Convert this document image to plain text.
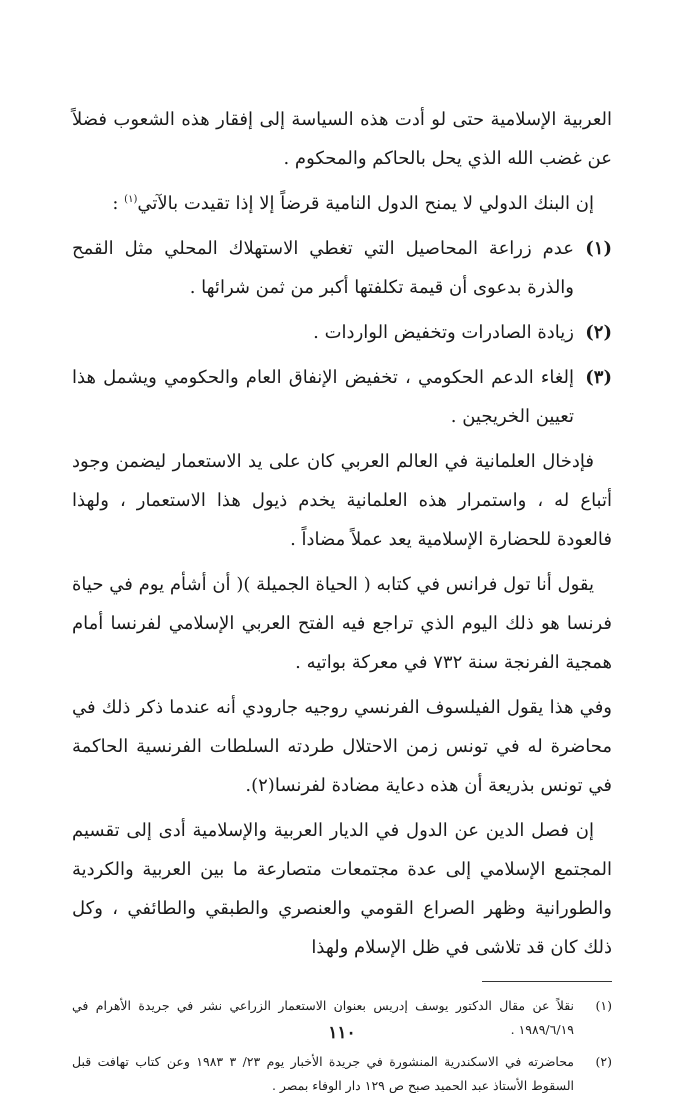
العربية الإسلامية حتى لو أدت هذه السياسة إلى إفقار هذه الشعوب فضلاً عن غضب الله الذي يحل بالحاكم والمحكوم .

إن البنك الدولي لا يمنح الدول النامية قرضاً إلا إذا تقيدت بالآتي$^{(١)}$ :

(١)
عدم زراعة المحاصيل التي تغطي الاستهلاك المحلي مثل القمح والذرة بدعوى أن قيمة تكلفتها أكبر من ثمن شرائها .
(٢)
زيادة الصادرات وتخفيض الواردات .
(٣)
إلغاء الدعم الحكومي ، تخفيض الإنفاق العام والحكومي ويشمل هذا تعيين الخريجين .

فإدخال العلمانية في العالم العربي كان على يد الاستعمار ليضمن وجود أتباع له ، واستمرار هذه العلمانية يخدم ذيول هذا الاستعمار ، ولهذا فالعودة للحضارة الإسلامية يعد عملاً مضاداً .

يقول أنا تول فرانس في كتابه ( الحياة الجميلة )( أن أشأم يوم في حياة فرنسا هو ذلك اليوم الذي تراجع فيه الفتح العربي الإسلامي لفرنسا أمام همجية الفرنجة سنة ٧٣٢ في معركة بواتيه .

وفي هذا يقول الفيلسوف الفرنسي روجيه جارودي أنه عندما ذكر ذلك في محاضرة له في تونس زمن الاحتلال طردته السلطات الفرنسية الحاكمة في تونس بذريعة أن هذه دعاية مضادة لفرنسا(٢).

إن فصل الدين عن الدول في الديار العربية والإسلامية أدى إلى تقسيم المجتمع الإسلامي إلى عدة مجتمعات متصارعة ما بين العربية والكردية والطورانية وظهر الصراع القومي والعنصري والطبقي والطائفي ، وكل ذلك كان قد تلاشى في ظل الإسلام ولهذا

(١)
نقلاً عن مقال الدكتور يوسف إدريس بعنوان الاستعمار الزراعي نشر في جريدة الأهرام في ١٩٨٩/٦/١٩ .
(٢)
محاضرته في الاسكندرية المنشورة في جريدة الأخبار يوم ٢٣/ ٣ ١٩٨٣ وعن كتاب تهافت قبل السقوط الأستاذ عبد الحميد صبح ص ١٢٩ دار الوفاء بمصر .
١١٠
